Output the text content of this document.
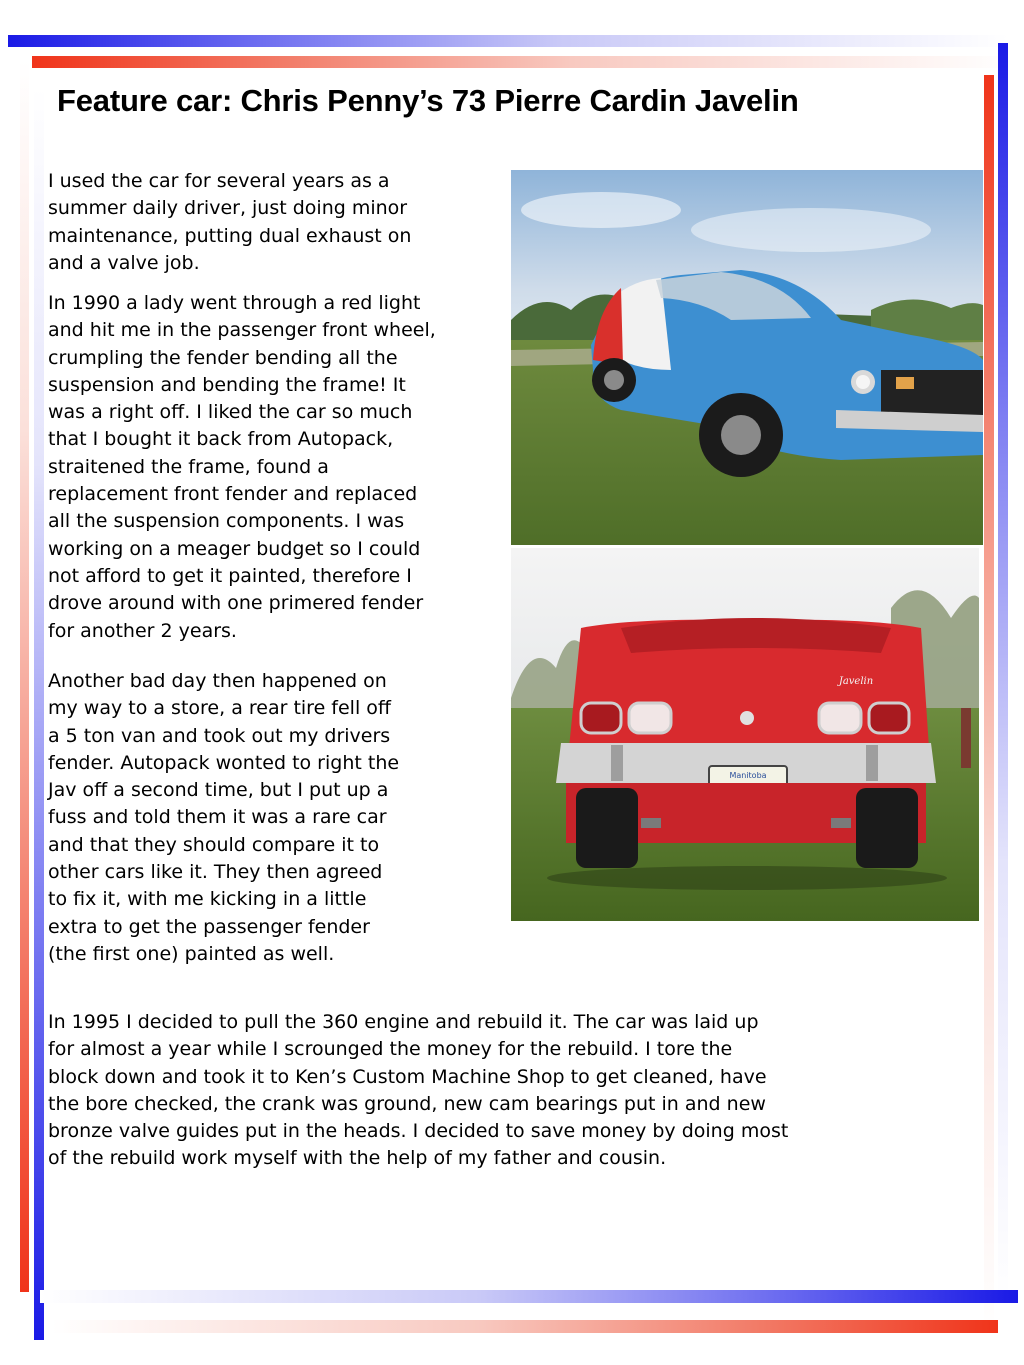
Feature car: Chris Penny’s 73 Pierre Cardin Javelin

I used the car for several years as a
summer daily driver, just doing minor
maintenance, putting dual exhaust on
and a valve job.

In 1990 a lady went through a red light
and hit me in the passenger front wheel,
crumpling the fender bending all the
suspension and bending the frame! It
was a right off. I liked the car so much
that I bought it back from Autopack,
straitened the frame, found a
replacement front fender and replaced
all the suspension components. I was
working on a meager budget so I could
not afford to get it painted, therefore I
drove around with one primered fender
for another 2 years.

Another bad day then happened on
my way to a store, a rear tire fell off
a 5 ton van and took out my drivers
fender. Autopack wonted to right the
Jav off a second time, but I put up a
fuss and told them it was a rare car
and that they should compare it to
other cars like it. They then agreed
to fix it, with me kicking in a little
extra to get the passenger fender
(the first one) painted as well.

In 1995 I decided to pull the 360 engine and rebuild it. The car was laid up
for almost a year while I scrounged the money for the rebuild. I tore the
block down and took it to Ken’s Custom Machine Shop to get cleaned, have
the bore checked, the crank was ground, new cam bearings put in and new
bronze valve guides put in the heads. I decided to save money by doing most
of the rebuild work myself with the help of my father and cousin.

Manitoba
Javelin
